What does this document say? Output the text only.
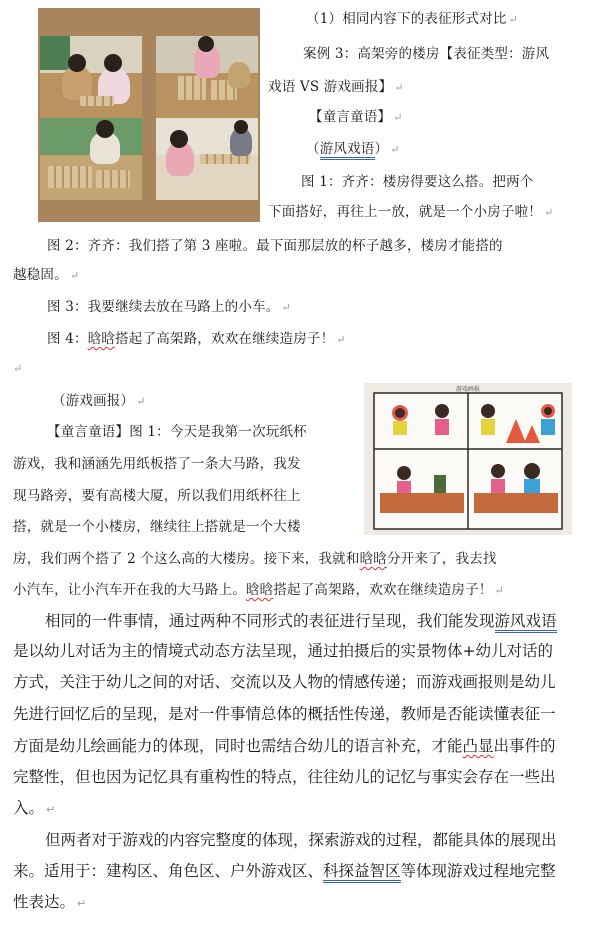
（1）相同内容下的表征形式对比 ↵
案例 3：高架旁的楼房【表征类型：游风
戏语 VS 游戏画报】 ↵
【童言童语】 ↵
（游风戏语） ↵
图 1：齐齐：楼房得要这么搭。把两个
下面搭好，再往上一放，就是一个小房子啦！ ↵
图 2：齐齐：我们搭了第 3 座啦。最下面那层放的杯子越多，楼房才能搭的
越稳固。 ↵
图 3：我要继续去放在马路上的小车。 ↵
图 4：晗晗搭起了高架路，欢欢在继续造房子！ ↵
↵
游戏画报
（游戏画报） ↵
【童言童语】图 1：今天是我第一次玩纸杯
游戏，我和涵涵先用纸板搭了一条大马路，我发
现马路旁，要有高楼大厦，所以我们用纸杯往上
搭，就是一个小楼房，继续往上搭就是一个大楼
房，我们两个搭了 2 个这么高的大楼房。接下来，我就和晗晗分开来了，我去找
小汽车，让小汽车开在我的大马路上。晗晗搭起了高架路，欢欢在继续造房子！ ↵
相同的一件事情，通过两种不同形式的表征进行呈现，我们能发现游风戏语
是以幼儿对话为主的情境式动态方法呈现，通过拍摄后的实景物体+幼儿对话的
方式，关注于幼儿之间的对话、交流以及人物的情感传递；而游戏画报则是幼儿
先进行回忆后的呈现，是对一件事情总体的概括性传递，教师是否能读懂表征一
方面是幼儿绘画能力的体现，同时也需结合幼儿的语言补充，才能凸显出事件的
完整性，但也因为记忆具有重构性的特点，往往幼儿的记忆与事实会存在一些出
入。 ↵
但两者对于游戏的内容完整度的体现，探索游戏的过程，都能具体的展现出
来。适用于：建构区、角色区、户外游戏区、科探益智区等体现游戏过程地完整
性表达。 ↵
